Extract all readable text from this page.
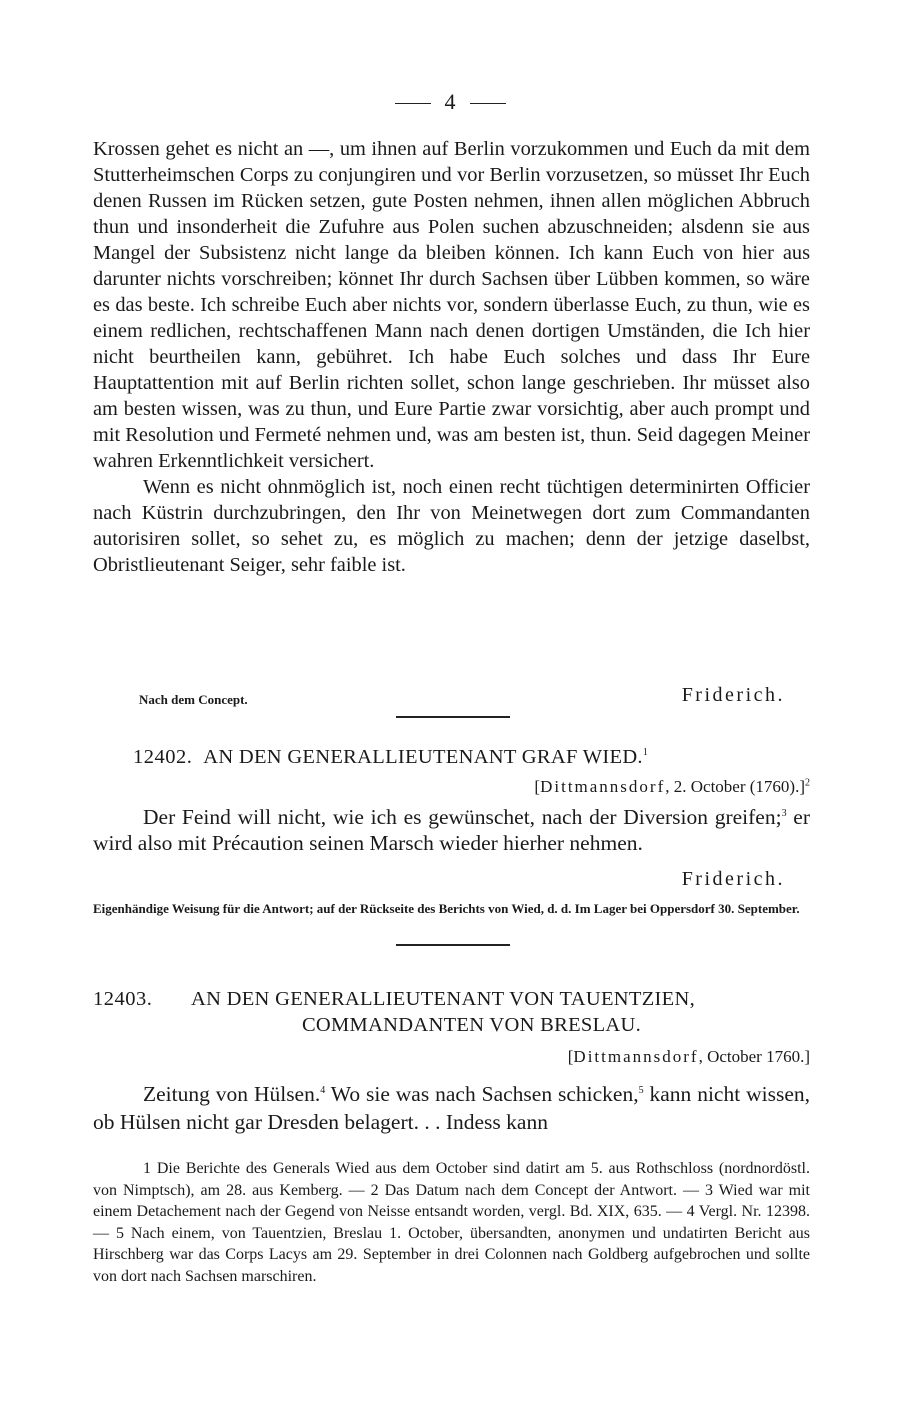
4

Krossen gehet es nicht an —, um ihnen auf Berlin vorzukommen und Euch da mit dem Stutterheimschen Corps zu conjungiren und vor Berlin vorzusetzen, so müsset Ihr Euch denen Russen im Rücken setzen, gute Posten nehmen, ihnen allen möglichen Abbruch thun und insonderheit die Zufuhre aus Polen suchen abzuschneiden; alsdenn sie aus Mangel der Subsistenz nicht lange da bleiben können. Ich kann Euch von hier aus darunter nichts vorschreiben; könnet Ihr durch Sachsen über Lübben kommen, so wäre es das beste. Ich schreibe Euch aber nichts vor, sondern überlasse Euch, zu thun, wie es einem redlichen, rechtschaffenen Mann nach denen dortigen Umständen, die Ich hier nicht beurtheilen kann, gebühret. Ich habe Euch solches und dass Ihr Eure Hauptattention mit auf Berlin richten sollet, schon lange geschrieben. Ihr müsset also am besten wissen, was zu thun, und Eure Partie zwar vorsichtig, aber auch prompt und mit Resolution und Fermeté nehmen und, was am besten ist, thun. Seid dagegen Meiner wahren Erkenntlichkeit versichert.

Wenn es nicht ohnmöglich ist, noch einen recht tüchtigen determinirten Officier nach Küstrin durchzubringen, den Ihr von Meinetwegen dort zum Commandanten autorisiren sollet, so sehet zu, es möglich zu machen; denn der jetzige daselbst, Obristlieutenant Seiger, sehr faible ist.

Nach dem Concept.	Friderich.
12402. AN DEN GENERALLIEUTENANT GRAF WIED.$^1$
[Dittmannsdorf, 2. October (1760).]$^2$

Der Feind will nicht, wie ich es gewünschet, nach der Diversion greifen;$^3$ er wird also mit Précaution seinen Marsch wieder hierher nehmen.

Friderich.
Eigenhändige Weisung für die Antwort; auf der Rückseite des Berichts von Wied, d. d. Im Lager bei Oppersdorf 30. September.
12403. AN DEN GENERALLIEUTENANT VON TAUENTZIEN,
COMMANDANTEN VON BRESLAU.
[Dittmannsdorf, October 1760.]

Zeitung von Hülsen.$^4$ Wo sie was nach Sachsen schicken,$^5$ kann nicht wissen, ob Hülsen nicht gar Dresden belagert. . . Indess kann

1 Die Berichte des Generals Wied aus dem October sind datirt am 5. aus Rothschloss (nordnordöstl. von Nimptsch), am 28. aus Kemberg. — 2 Das Datum nach dem Concept der Antwort. — 3 Wied war mit einem Detachement nach der Gegend von Neisse entsandt worden, vergl. Bd. XIX, 635. — 4 Vergl. Nr. 12398. — 5 Nach einem, von Tauentzien, Breslau 1. October, übersandten, anonymen und undatirten Bericht aus Hirschberg war das Corps Lacys am 29. September in drei Colonnen nach Goldberg aufgebrochen und sollte von dort nach Sachsen marschiren.
